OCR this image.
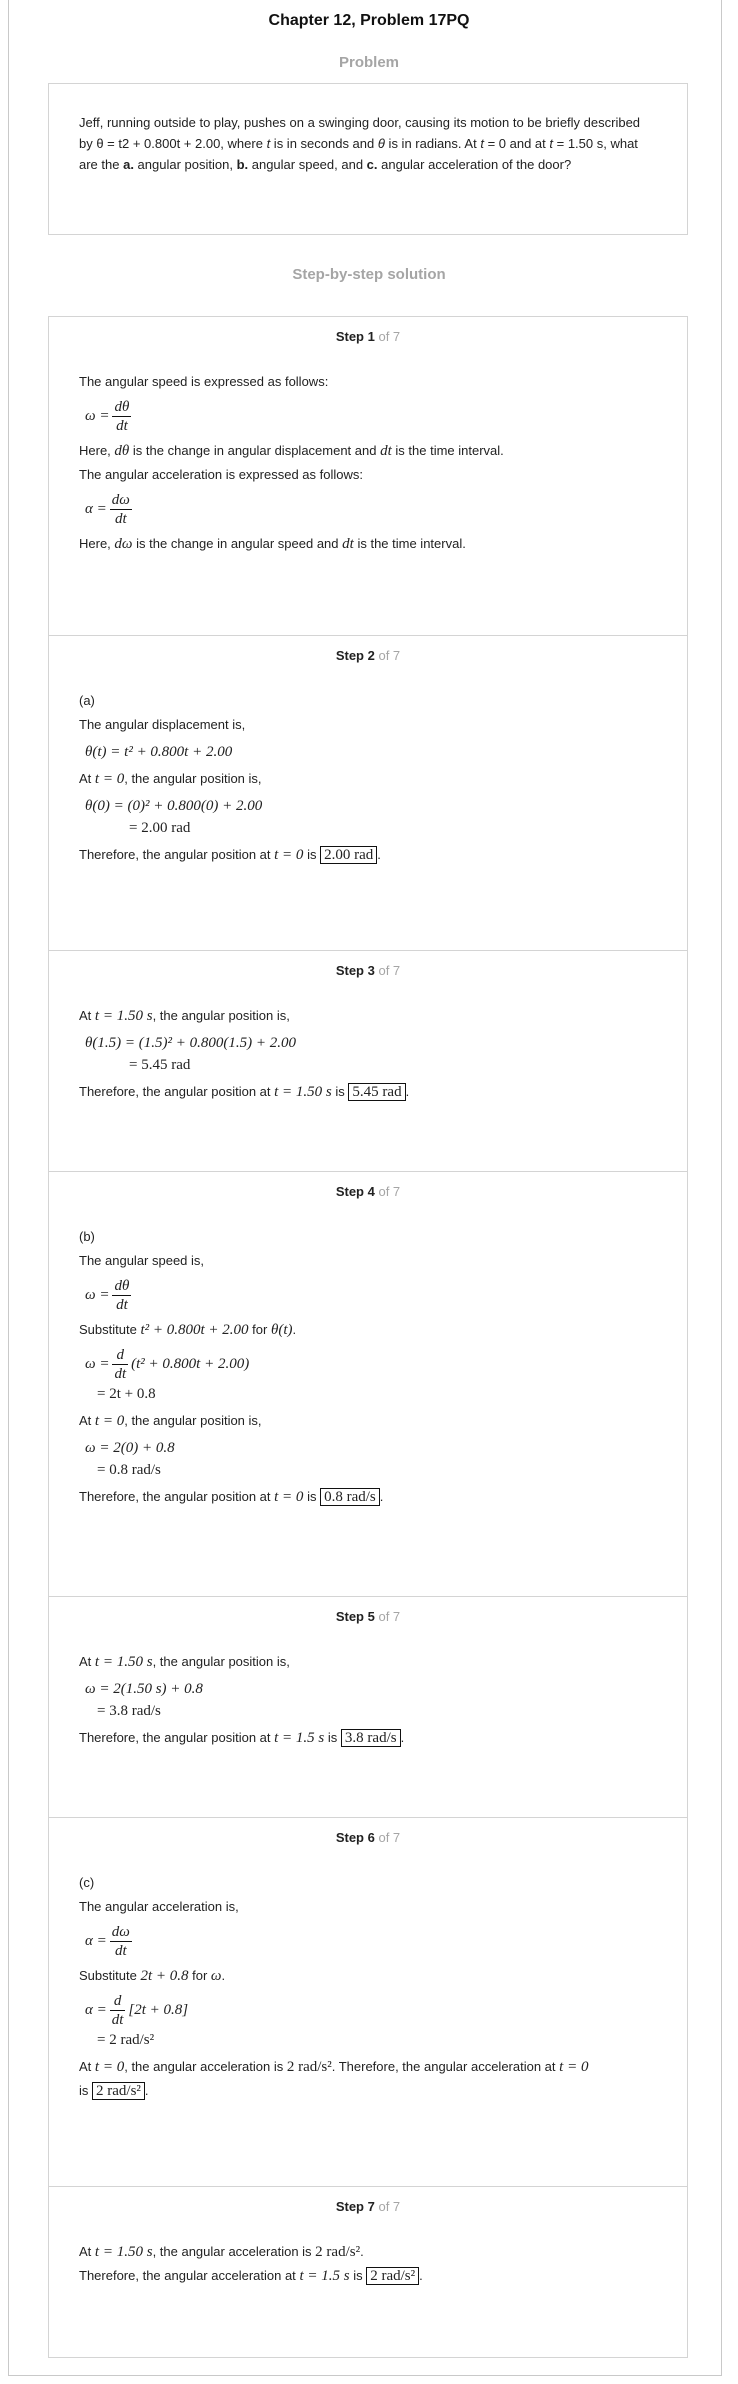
Chapter 12, Problem 17PQ
Problem
Jeff, running outside to play, pushes on a swinging door, causing its motion to be briefly described by θ = t2 + 0.800t + 2.00, where t is in seconds and θ is in radians. At t = 0 and at t = 1.50 s, what are the a. angular position, b. angular speed, and c. angular acceleration of the door?
Step-by-step solution
Step 1 of 7
The angular speed is expressed as follows:
$\omega = \frac{d\theta}{dt}$
Here, dθ is the change in angular displacement and dt is the time interval.
The angular acceleration is expressed as follows:
$\alpha = \frac{d\omega}{dt}$
Here, dω is the change in angular speed and dt is the time interval.
Step 2 of 7
(a)
The angular displacement is,
θ(t) = t² + 0.800t + 2.00
At t = 0, the angular position is,
θ(0) = (0)² + 0.800(0) + 2.00
= 2.00 rad
Therefore, the angular position at t = 0 is 2.00 rad .
Step 3 of 7
At t = 1.50 s, the angular position is,
θ(1.5) = (1.5)² + 0.800(1.5) + 2.00
= 5.45 rad
Therefore, the angular position at t = 1.50 s is 5.45 rad .
Step 4 of 7
(b)
The angular speed is,
$\omega = \frac{d\theta}{dt}$
Substitute t² + 0.800t + 2.00 for θ(t).
$\omega = \frac{d}{dt} (t^2 + 0.800t + 2.00)$
= 2t + 0.8
At t = 0, the angular position is,
ω = 2(0) + 0.8
= 0.8 rad/s
Therefore, the angular position at t = 0 is 0.8 rad/s .
Step 5 of 7
At t = 1.50 s, the angular position is,
ω = 2(1.50 s) + 0.8
= 3.8 rad/s
Therefore, the angular position at t = 1.5 s is 3.8 rad/s .
Step 6 of 7
(c)
The angular acceleration is,
$\alpha = \frac{d\omega}{dt}$
Substitute 2t + 0.8 for ω.
$\alpha = \frac{d}{dt} [2t + 0.8]$
= 2 rad/s²
At t = 0, the angular acceleration is 2 rad/s². Therefore, the angular acceleration at t = 0
is 2 rad/s² .
Step 7 of 7
At t = 1.50 s, the angular acceleration is 2 rad/s².
Therefore, the angular acceleration at t = 1.5 s is 2 rad/s² .
